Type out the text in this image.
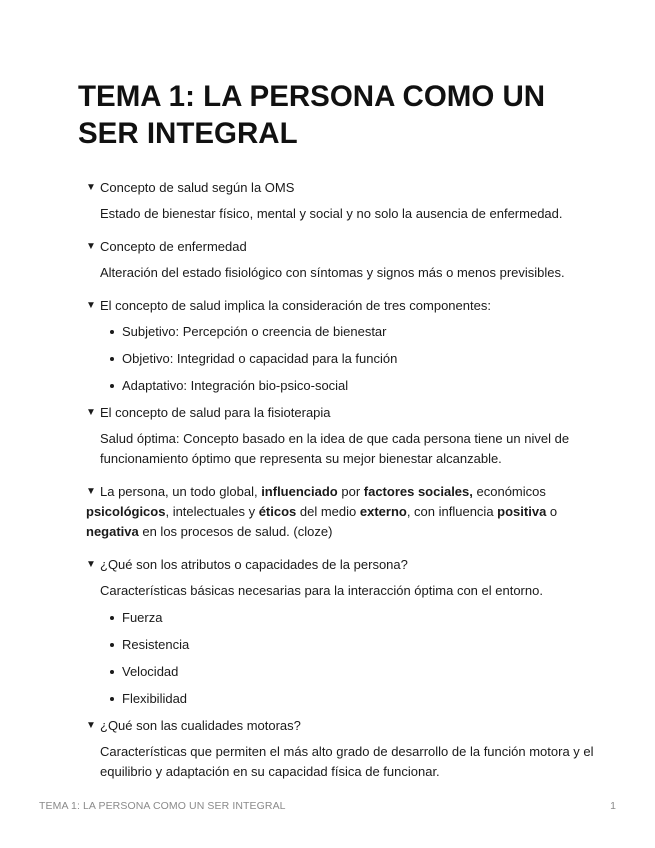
TEMA 1: LA PERSONA COMO UN SER INTEGRAL
▼ Concepto de salud según la OMS
Estado de bienestar físico, mental y social y no solo la ausencia de enfermedad.
▼ Concepto de enfermedad
Alteración del estado fisiológico con síntomas y signos más o menos previsibles.
▼ El concepto de salud implica la consideración de tres componentes:
Subjetivo: Percepción o creencia de bienestar
Objetivo: Integridad o capacidad para la función
Adaptativo: Integración bio-psico-social
▼ El concepto de salud para la fisioterapia
Salud óptima: Concepto basado en la idea de que cada persona tiene un nivel de funcionamiento óptimo que representa su mejor bienestar alcanzable.
▼ La persona, un todo global, influenciado por factores sociales, económicos psicológicos, intelectuales y éticos del medio externo, con influencia positiva o negativa en los procesos de salud. (cloze)
▼ ¿Qué son los atributos o capacidades de la persona?
Características básicas necesarias para la interacción óptima con el entorno.
Fuerza
Resistencia
Velocidad
Flexibilidad
▼ ¿Qué son las cualidades motoras?
Características que permiten el más alto grado de desarrollo de la función motora y el equilibrio y adaptación en su capacidad física de funcionar.
TEMA 1: LA PERSONA COMO UN SER INTEGRAL	1
